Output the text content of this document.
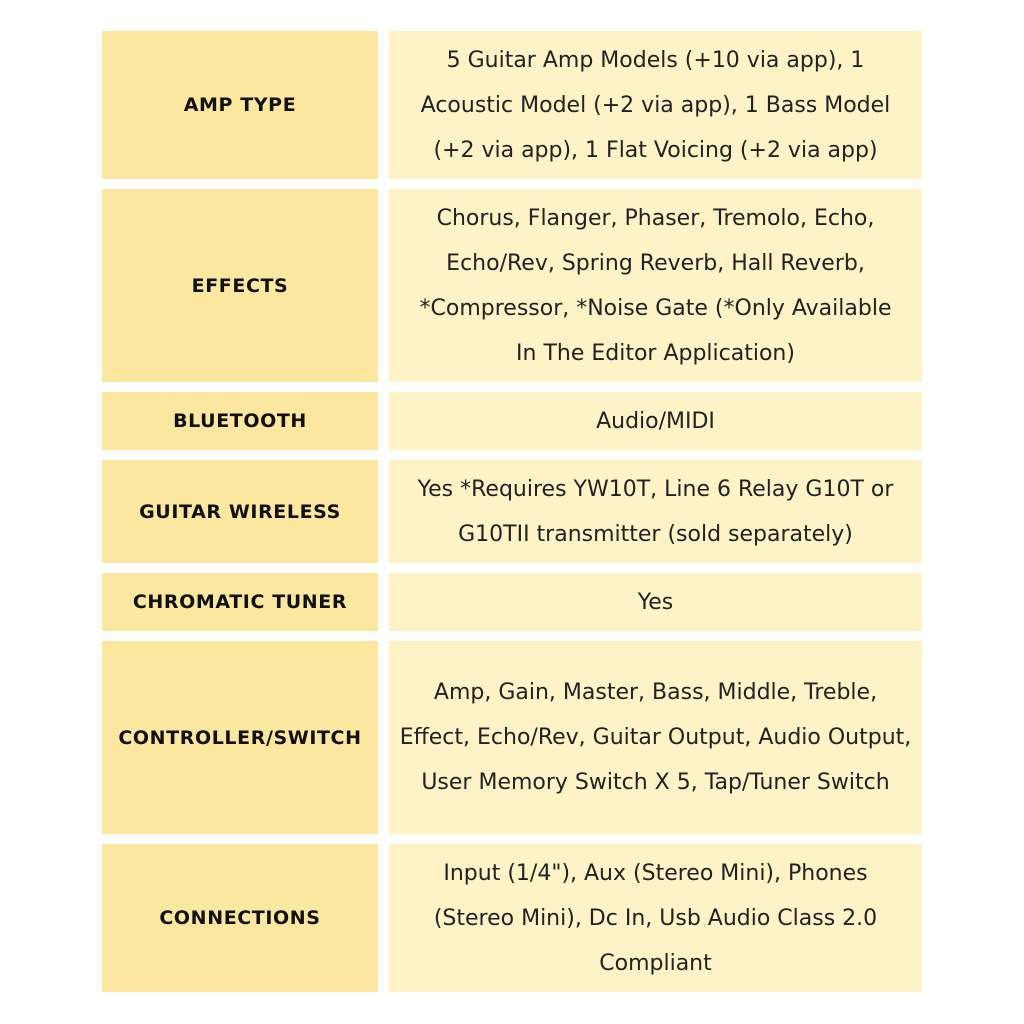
AMP TYPE
5 Guitar Amp Models (+10 via app), 1 Acoustic Model (+2 via app), 1 Bass Model (+2 via app), 1 Flat Voicing (+2 via app)
EFFECTS
Chorus, Flanger, Phaser, Tremolo, Echo, Echo/Rev, Spring Reverb, Hall Reverb, *Compressor, *Noise Gate (*Only Available In The Editor Application)
BLUETOOTH	Audio/MIDI
GUITAR WIRELESS
Yes *Requires YW10T, Line 6 Relay G10T or G10TII transmitter (sold separately)
CHROMATIC TUNER	Yes
CONTROLLER/SWITCH
Amp, Gain, Master, Bass, Middle, Treble, Effect, Echo/Rev, Guitar Output, Audio Output, User Memory Switch X 5, Tap/Tuner Switch
CONNECTIONS
Input (1/4"), Aux (Stereo Mini), Phones (Stereo Mini), Dc In, Usb Audio Class 2.0 Compliant
